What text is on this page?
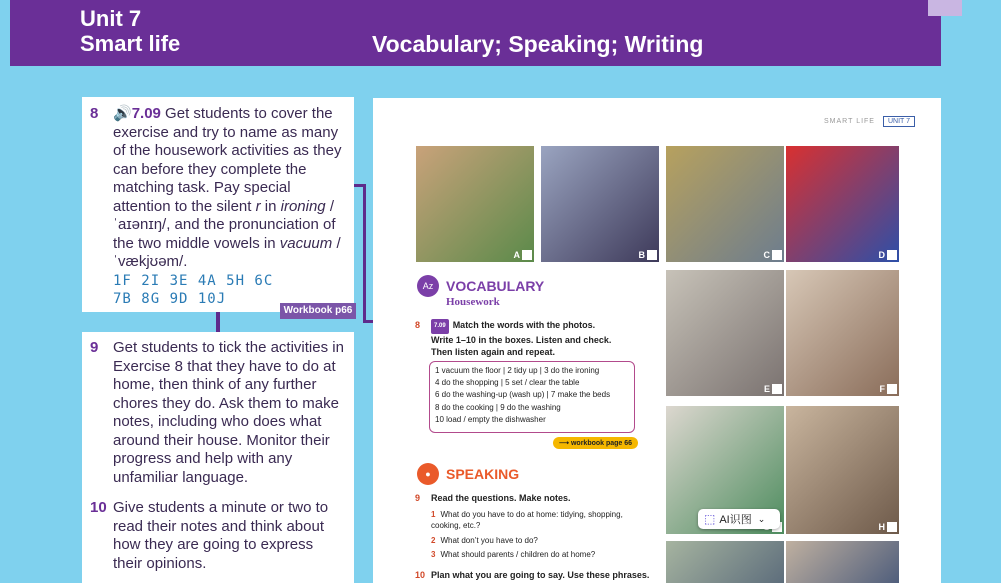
Unit 7
Smart life	Vocabulary; Speaking; Writing
8 🔊7.09 Get students to cover the exercise and try to name as many of the housework activities as they can before they complete the matching task. Pay special attention to the silent r in ironing /ˈaɪənɪŋ/, and the pronunciation of the two middle vowels in vacuum /ˈvækjʊəm/.
1F 2I 3E 4A 5H 6C
7B 8G 9D 10J
Workbook p66
9 Get students to tick the activities in Exercise 8 that they have to do at home, then think of any further chores they do. Ask them to make notes, including who does what around their house. Monitor their progress and help with any unfamiliar language.
10 Give students a minute or two to read their notes and think about how they are going to express their opinions.
SMART LIFE	UNIT 7
A	B	C	D
E	F
H
Az VOCABULARY
Housework
8	7.09 Match the words with the photos.
Write 1–10 in the boxes. Listen and check.
Then listen again and repeat.
1 vacuum the floor | 2 tidy up | 3 do the ironing
4 do the shopping | 5 set / clear the table
6 do the washing-up (wash up) | 7 make the beds
8 do the cooking | 9 do the washing
10 load / empty the dishwasher
⟶ workbook page 66
●	SPEAKING
9 Read the questions. Make notes.
1 What do you have to do at home: tidying, shopping, cooking, etc.?
2 What don’t you have to do?
3 What should parents / children do at home?
10 Plan what you are going to say. Use these phrases.
⬚ AI识图 ⌄
